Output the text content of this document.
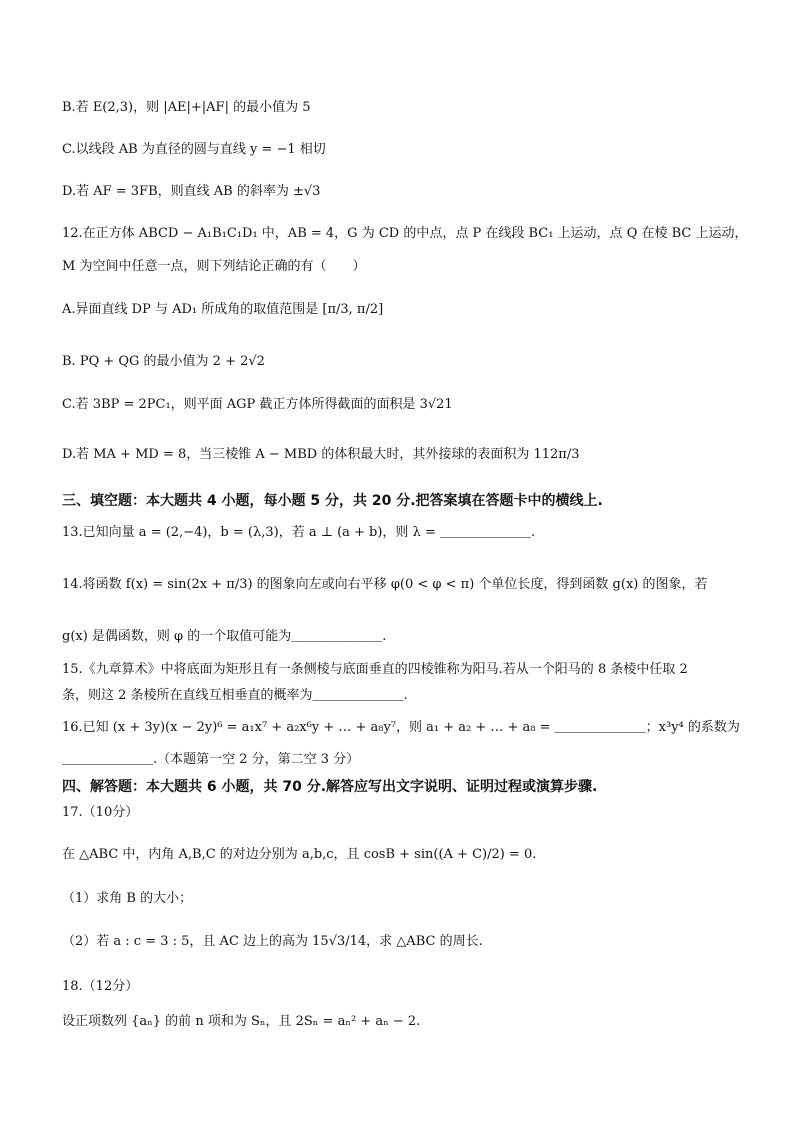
B.若 E(2,3)，则 |AE|+|AF| 的最小值为 5
C.以线段 AB 为直径的圆与直线 y = −1 相切
D.若 AF = 3FB，则直线 AB 的斜率为 ±√3
12.在正方体 ABCD − A₁B₁C₁D₁ 中，AB = 4，G 为 CD 的中点，点 P 在线段 BC₁ 上运动，点 Q 在棱 BC 上运动，
M 为空间中任意一点，则下列结论正确的有（　　）
A.异面直线 DP 与 AD₁ 所成角的取值范围是 [π/3, π/2]
B. PQ + QG 的最小值为 2 + 2√2
C.若 3BP = 2PC₁，则平面 AGP 截正方体所得截面的面积是 3√21
D.若 MA + MD = 8，当三棱锥 A − MBD 的体积最大时，其外接球的表面积为 112π/3
三、填空题：本大题共 4 小题，每小题 5 分，共 20 分.把答案填在答题卡中的横线上.
13.已知向量 a = (2,−4)，b = (λ,3)，若 a ⊥ (a + b)，则 λ = ＿＿＿＿＿＿＿.
14.将函数 f(x) = sin(2x + π/3) 的图象向左或向右平移 φ(0 < φ < π) 个单位长度，得到函数 g(x) 的图象，若
g(x) 是偶函数，则 φ 的一个取值可能为＿＿＿＿＿＿＿.
15.《九章算术》中将底面为矩形且有一条侧棱与底面垂直的四棱锥称为阳马.若从一个阳马的 8 条棱中任取 2
条，则这 2 条棱所在直线互相垂直的概率为＿＿＿＿＿＿＿.
16.已知 (x + 3y)(x − 2y)⁶ = a₁x⁷ + a₂x⁶y + … + a₈y⁷，则 a₁ + a₂ + … + a₈ = ＿＿＿＿＿＿＿；x³y⁴ 的系数为
＿＿＿＿＿＿＿.（本题第一空 2 分，第二空 3 分）
四、解答题：本大题共 6 小题，共 70 分.解答应写出文字说明、证明过程或演算步骤.
17.（10分）
在 △ABC 中，内角 A,B,C 的对边分别为 a,b,c，且 cosB + sin((A + C)/2) = 0.
（1）求角 B 的大小；
（2）若 a : c = 3 : 5，且 AC 边上的高为 15√3/14，求 △ABC 的周长.
18.（12分）
设正项数列 {aₙ} 的前 n 项和为 Sₙ，且 2Sₙ = aₙ² + aₙ − 2.
